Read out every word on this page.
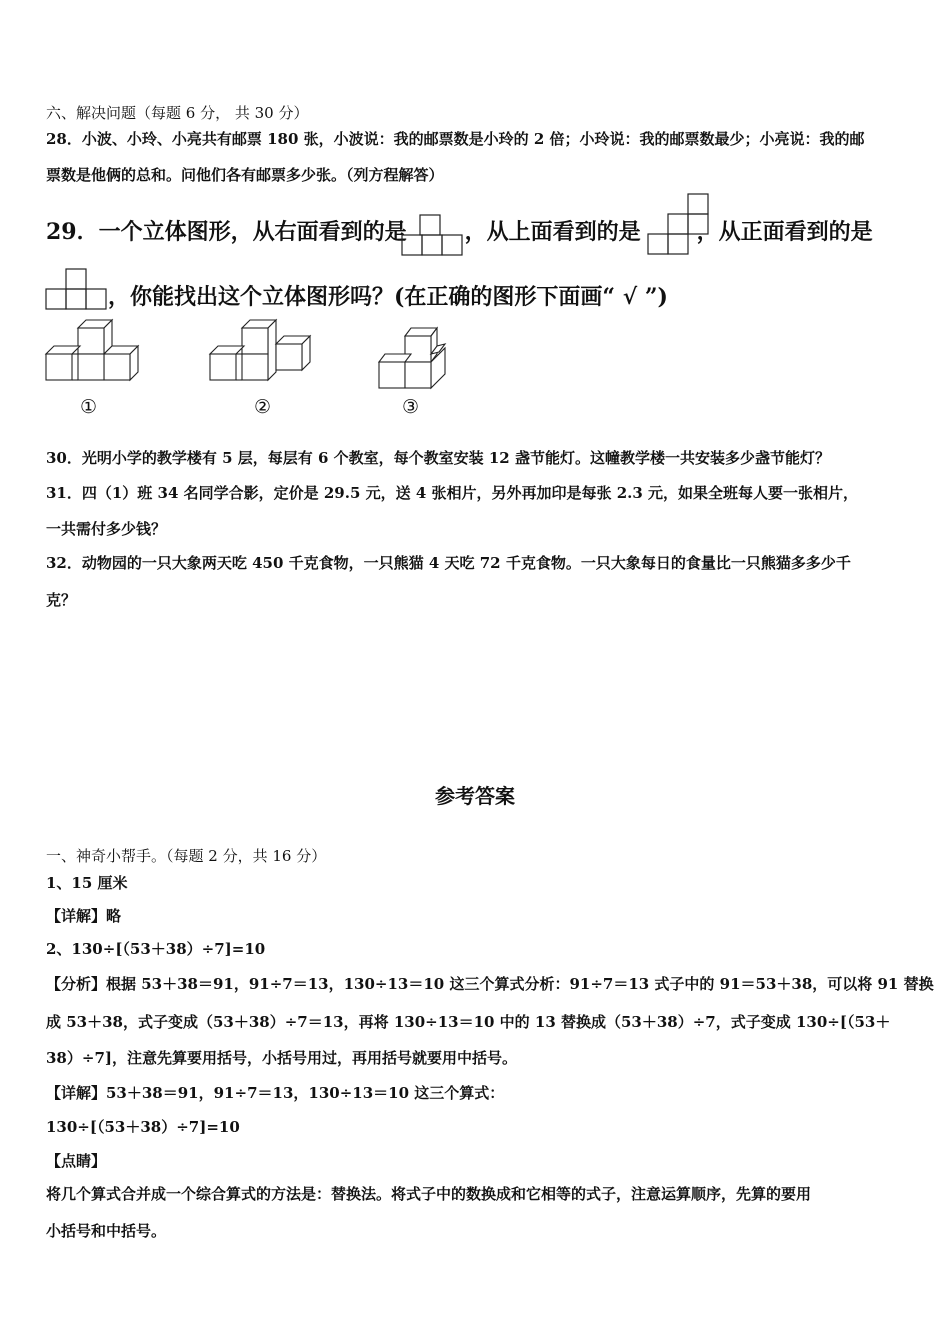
六、解决问题（每题 6 分， 共 30 分）
28．小波、小玲、小亮共有邮票 180 张，小波说：我的邮票数是小玲的 2 倍；小玲说：我的邮票数最少；小亮说：我的邮
票数是他俩的总和。问他们各有邮票多少张。（列方程解答）
29．一个立体图形，从右面看到的是	，从上面看到的是	，从正面看到的是
，你能找出这个立体图形吗？(在正确的图形下面画“ √ ”)
①	②	③
30．光明小学的教学楼有 5 层，每层有 6 个教室，每个教室安装 12 盏节能灯。这幢教学楼一共安装多少盏节能灯？
31．四（1）班 34 名同学合影，定价是 29.5 元，送 4 张相片，另外再加印是每张 2.3 元，如果全班每人要一张相片，
一共需付多少钱？
32．动物园的一只大象两天吃 450 千克食物，一只熊猫 4 天吃 72 千克食物。一只大象每日的食量比一只熊猫多多少千
克？
参考答案
一、神奇小帮手。（每题 2 分，共 16 分）
1、15 厘米
【详解】略
2、130÷[（53＋38）÷7]=10
【分析】根据 53＋38＝91，91÷7＝13，130÷13＝10 这三个算式分析：91÷7＝13 式子中的 91＝53＋38，可以将 91 替换
成 53＋38，式子变成（53＋38）÷7＝13，再将 130÷13＝10 中的 13 替换成（53＋38）÷7，式子变成 130÷[（53＋
38）÷7]，注意先算要用括号，小括号用过，再用括号就要用中括号。
【详解】53＋38＝91，91÷7＝13，130÷13＝10 这三个算式：
130÷[（53＋38）÷7]=10
【点睛】
将几个算式合并成一个综合算式的方法是：替换法。将式子中的数换成和它相等的式子，注意运算顺序，先算的要用
小括号和中括号。
